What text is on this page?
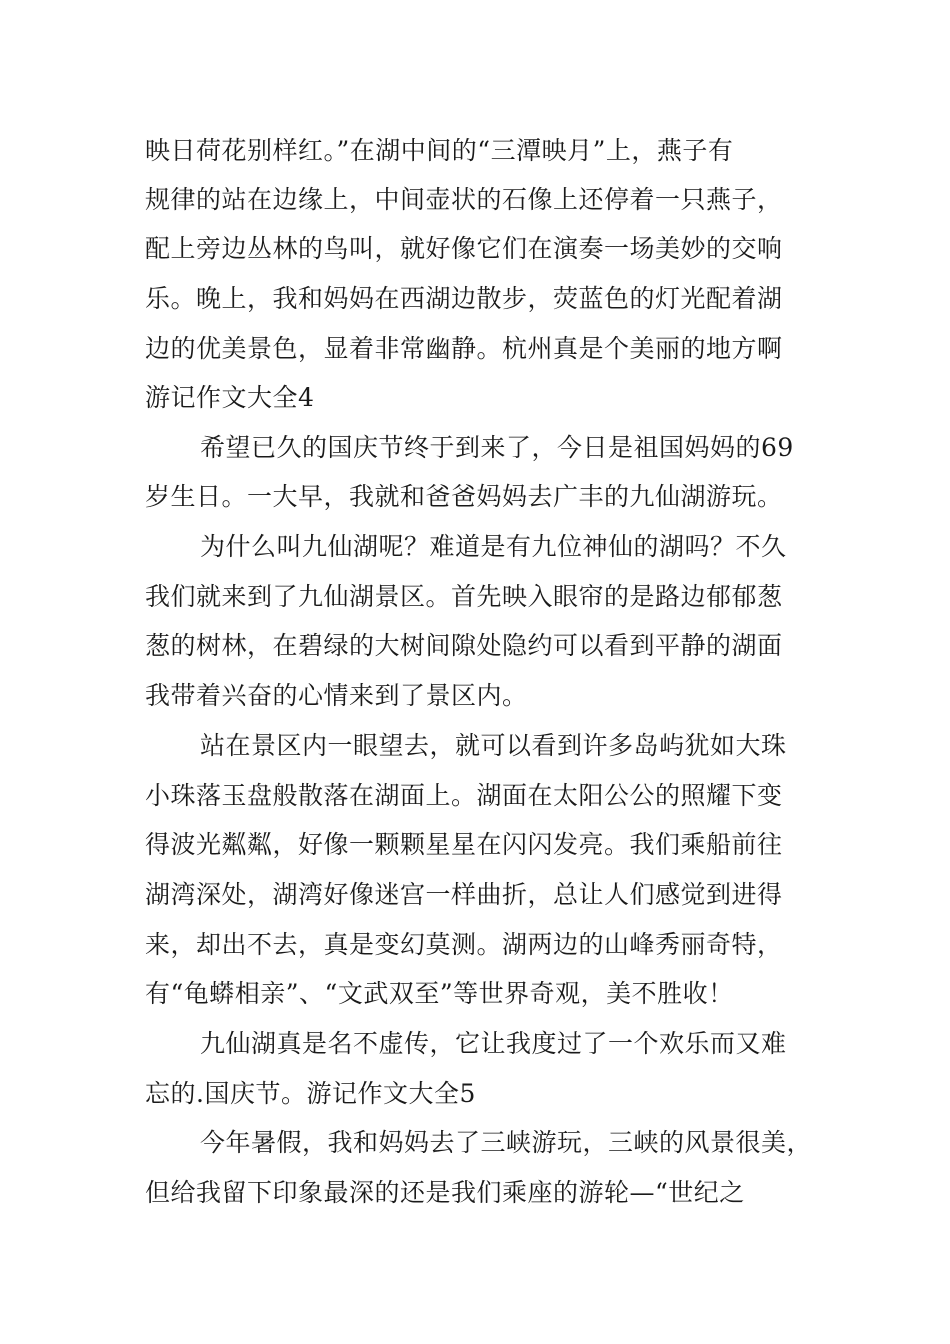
映日荷花别样红。”在湖中间的“三潭映月”上，燕子有

规律的站在边缘上，中间壶状的石像上还停着一只燕子，

配上旁边丛林的鸟叫，就好像它们在演奏一场美妙的交响

乐。晚上，我和妈妈在西湖边散步，荧蓝色的灯光配着湖

边的优美景色，显着非常幽静。杭州真是个美丽的地方啊

游记作文大全4

希望已久的国庆节终于到来了，今日是祖国妈妈的69

岁生日。一大早，我就和爸爸妈妈去广丰的九仙湖游玩。

为什么叫九仙湖呢？难道是有九位神仙的湖吗？不久

我们就来到了九仙湖景区。首先映入眼帘的是路边郁郁葱

葱的树林，在碧绿的大树间隙处隐约可以看到平静的湖面

我带着兴奋的心情来到了景区内。

站在景区内一眼望去，就可以看到许多岛屿犹如大珠

小珠落玉盘般散落在湖面上。湖面在太阳公公的照耀下变

得波光粼粼，好像一颗颗星星在闪闪发亮。我们乘船前往

湖湾深处，湖湾好像迷宫一样曲折，总让人们感觉到进得

来，却出不去，真是变幻莫测。湖两边的山峰秀丽奇特，

有“龟蟒相亲”、“文武双至”等世界奇观，美不胜收！

九仙湖真是名不虚传，它让我度过了一个欢乐而又难

忘的.国庆节。游记作文大全5

今年暑假，我和妈妈去了三峡游玩，三峡的风景很美，

但给我留下印象最深的还是我们乘座的游轮—“世纪之
